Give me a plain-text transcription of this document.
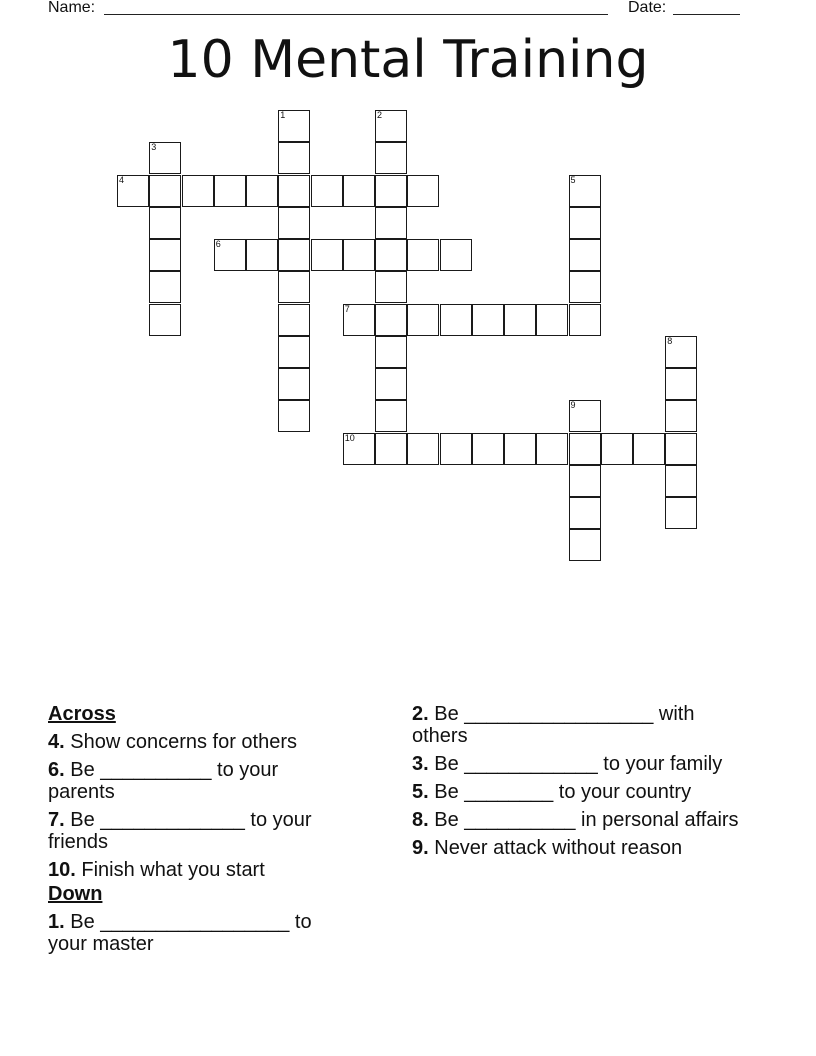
Name:	Date:
10 Mental Training
1	2
3
4	5
6
7
8
9
10
Across
4. Show concerns for others
6. Be __________ to your parents
7. Be _____________ to your friends
10. Finish what you start
Down
1. Be _________________ to your master
2. Be _________________ with others
3. Be ____________ to your family
5. Be ________ to your country
8. Be __________ in personal affairs
9. Never attack without reason
